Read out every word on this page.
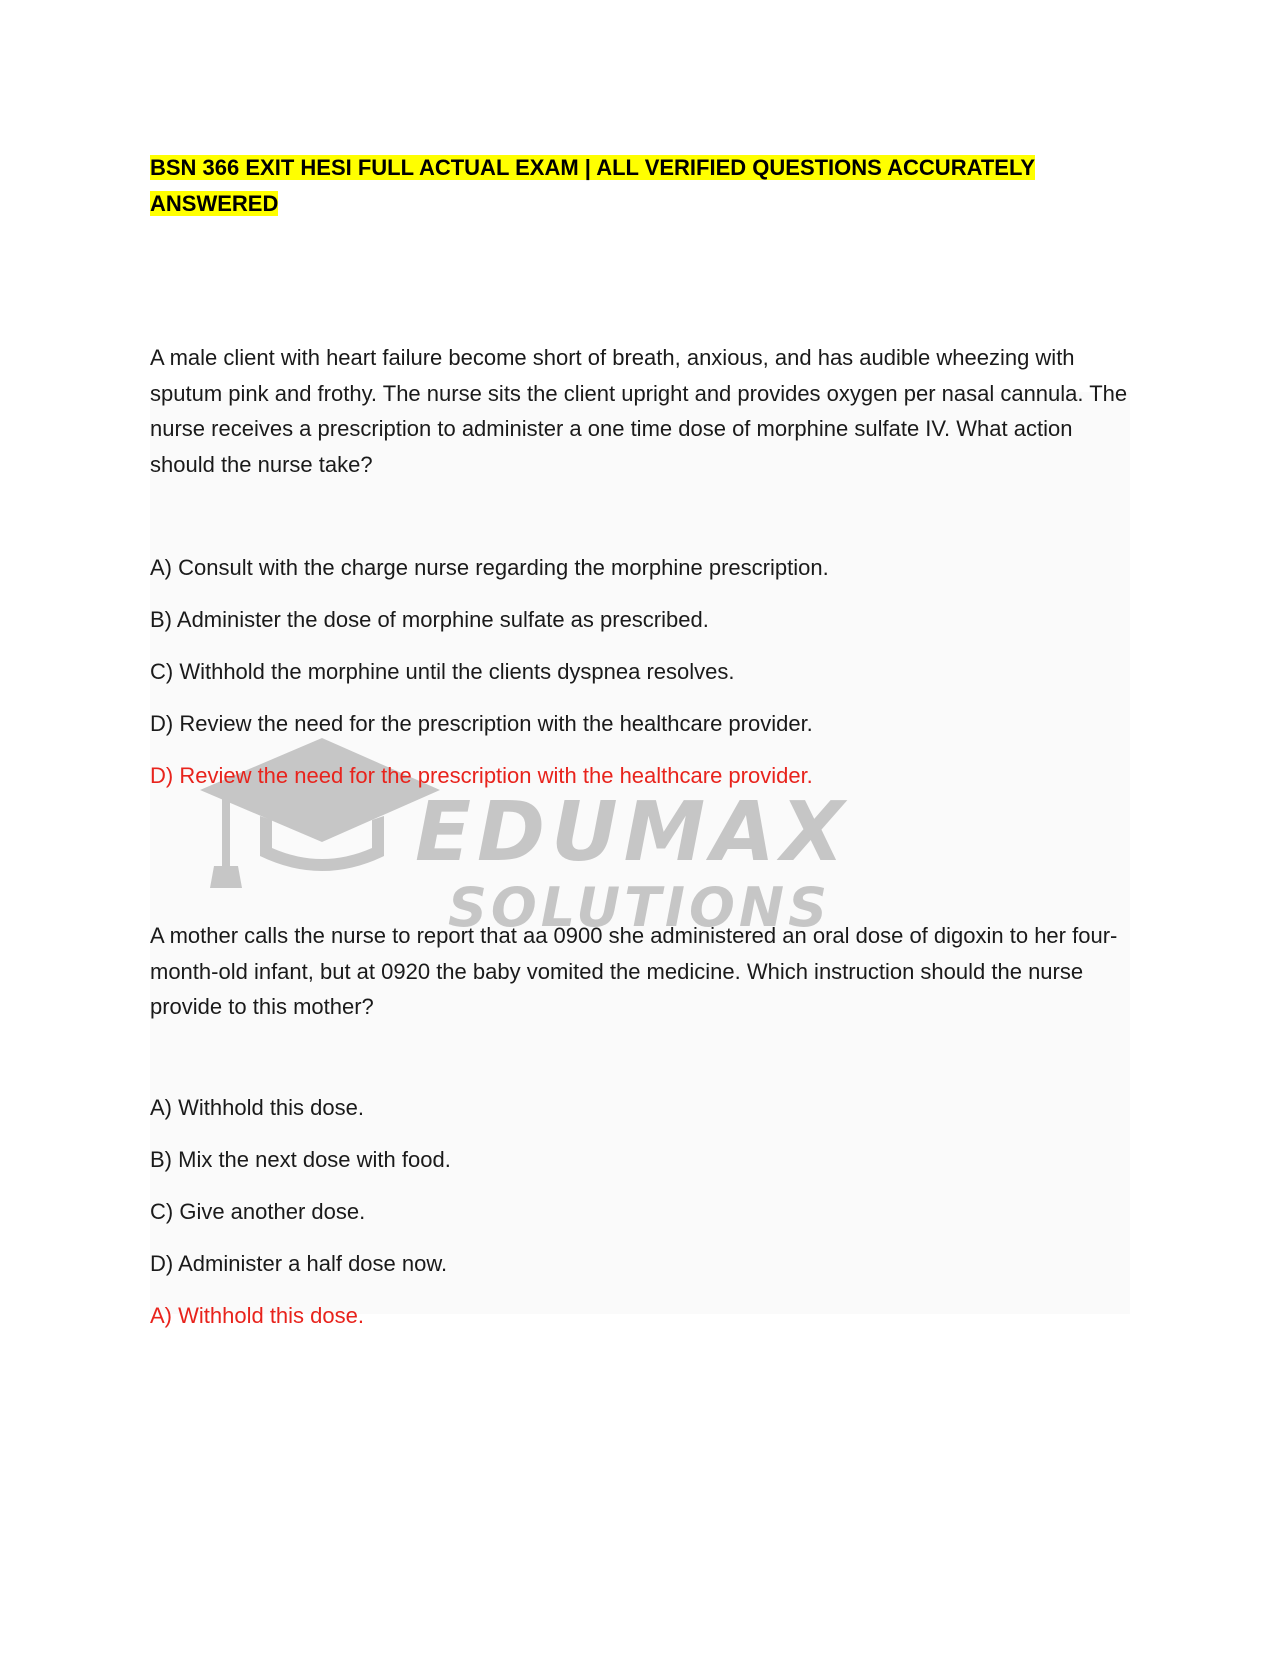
EDUMAX
SOLUTIONS
BSN 366 EXIT HESI FULL ACTUAL EXAM | ALL VERIFIED QUESTIONS ACCURATELY ANSWERED

A male client with heart failure become short of breath, anxious, and has audible wheezing with sputum pink and frothy. The nurse sits the client upright and provides oxygen per nasal cannula. The nurse receives a prescription to administer a one time dose of morphine sulfate IV. What action should the nurse take?

A) Consult with the charge nurse regarding the morphine prescription.

B) Administer the dose of morphine sulfate as prescribed.

C) Withhold the morphine until the clients dyspnea resolves.

D) Review the need for the prescription with the healthcare provider.

D) Review the need for the prescription with the healthcare provider.

A mother calls the nurse to report that aa 0900 she administered an oral dose of digoxin to her four-month-old infant, but at 0920 the baby vomited the medicine. Which instruction should the nurse provide to this mother?

A) Withhold this dose.

B) Mix the next dose with food.

C) Give another dose.

D) Administer a half dose now.

A) Withhold this dose.
